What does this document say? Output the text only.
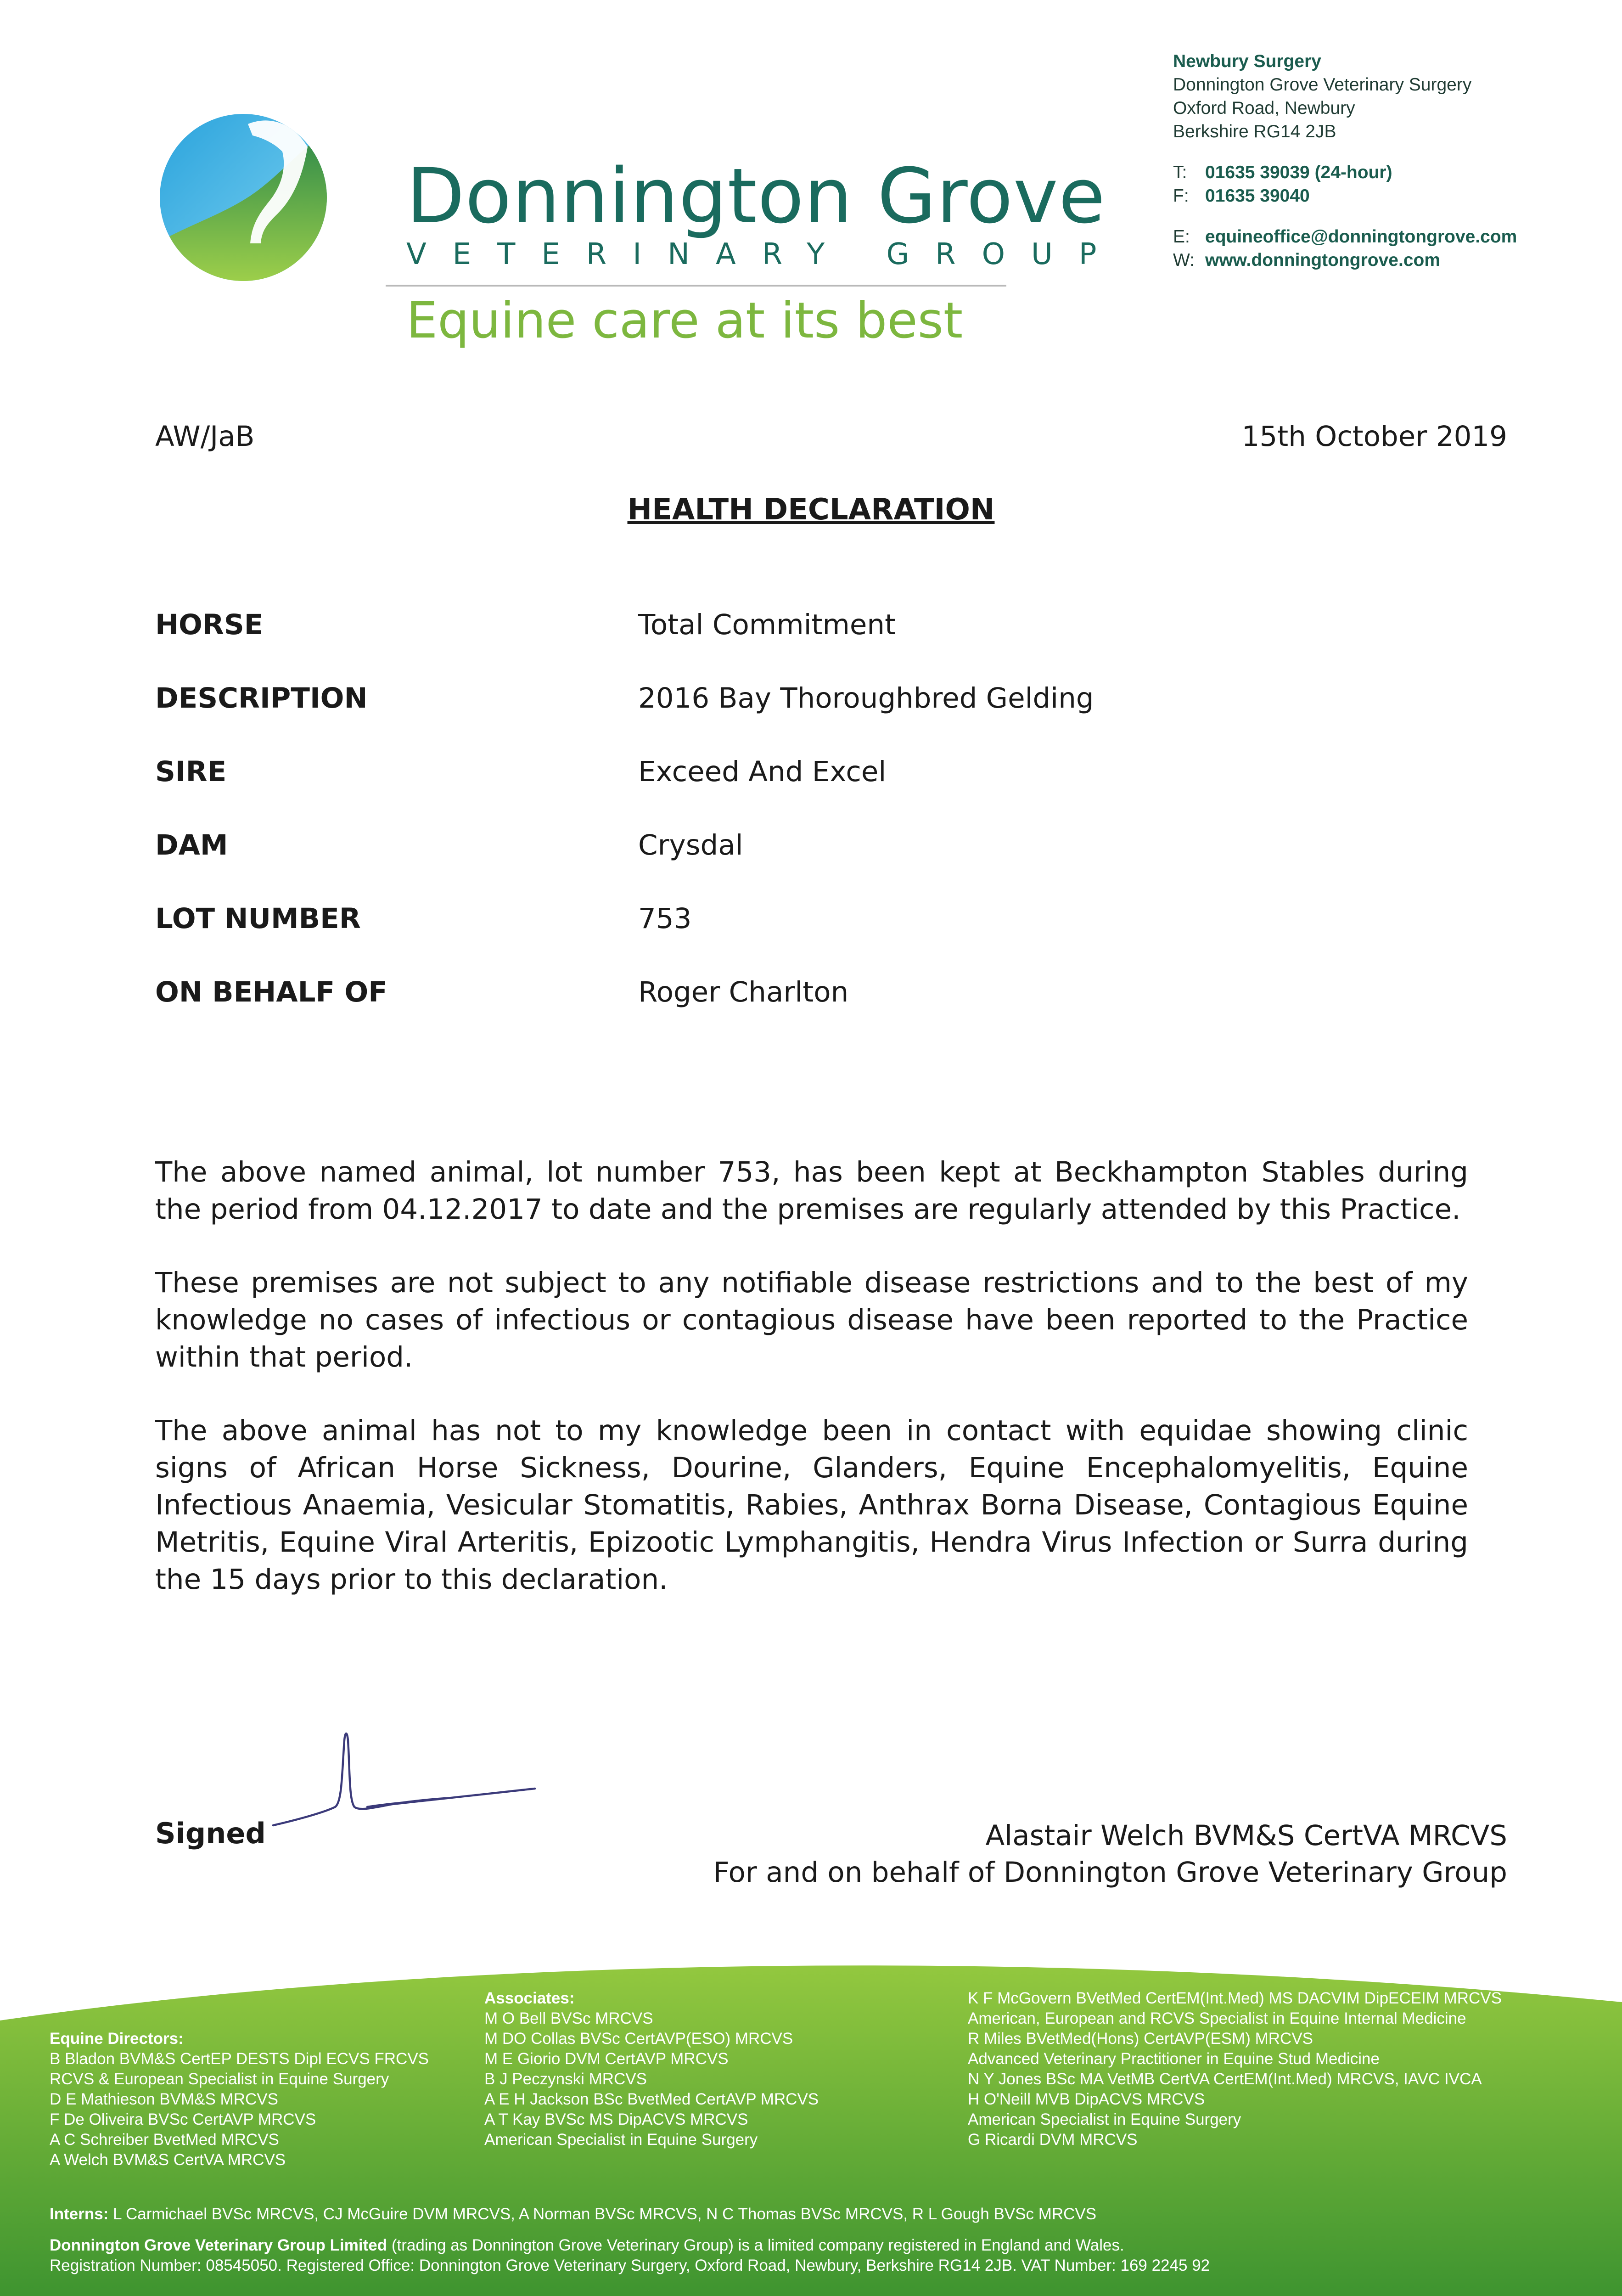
Donnington Grove
VETERINARY GROUP
Equine care at its best
Newbury Surgery
Donnington Grove Veterinary Surgery
Oxford Road, Newbury
Berkshire RG14 2JB
T: 01635 39039 (24-hour)
F: 01635 39040
E: equineoffice@donningtongrove.com
W: www.donningtongrove.com
AW/JaB	15th October 2019
HEALTH DECLARATION
HORSE	Total Commitment
DESCRIPTION	2016 Bay Thoroughbred Gelding
SIRE	Exceed And Excel
DAM	Crysdal
LOT NUMBER	753
ON BEHALF OF	Roger Charlton

The above named animal, lot number 753, has been kept at Beckhampton Stables during the period from 04.12.2017 to date and the premises are regularly attended by this Practice.

These premises are not subject to any notifiable disease restrictions and to the best of my knowledge no cases of infectious or contagious disease have been reported to the Practice within that period.

The above animal has not to my knowledge been in contact with equidae showing clinic signs of African Horse Sickness, Dourine, Glanders, Equine Encephalomyelitis, Equine Infectious Anaemia, Vesicular Stomatitis, Rabies, Anthrax Borna Disease, Contagious Equine Metritis, Equine Viral Arteritis, Epizootic Lymphangitis, Hendra Virus Infection or Surra during the 15 days prior to this declaration.

Signed	Alastair Welch BVM&S CertVA MRCVS
For and on behalf of Donnington Grove Veterinary Group
Equine Directors:
B Bladon BVM&S CertEP DESTS Dipl ECVS FRCVS
RCVS & European Specialist in Equine Surgery
D E Mathieson BVM&S MRCVS
F De Oliveira BVSc CertAVP MRCVS
A C Schreiber BvetMed MRCVS
A Welch BVM&S CertVA MRCVS
Associates:
M O Bell BVSc MRCVS
M DO Collas BVSc CertAVP(ESO) MRCVS
M E Giorio DVM CertAVP MRCVS
B J Peczynski MRCVS
A E H Jackson BSc BvetMed CertAVP MRCVS
A T Kay BVSc MS DipACVS MRCVS
American Specialist in Equine Surgery
K F McGovern BVetMed CertEM(Int.Med) MS DACVIM DipECEIM MRCVS
American, European and RCVS Specialist in Equine Internal Medicine
R Miles BVetMed(Hons) CertAVP(ESM) MRCVS
Advanced Veterinary Practitioner in Equine Stud Medicine
N Y Jones BSc MA VetMB CertVA CertEM(Int.Med) MRCVS, IAVC IVCA
H O'Neill MVB DipACVS MRCVS
American Specialist in Equine Surgery
G Ricardi DVM MRCVS
Interns: L Carmichael BVSc MRCVS, CJ McGuire DVM MRCVS, A Norman BVSc MRCVS, N C Thomas BVSc MRCVS, R L Gough BVSc MRCVS
Donnington Grove Veterinary Group Limited (trading as Donnington Grove Veterinary Group) is a limited company registered in England and Wales.
Registration Number: 08545050. Registered Office: Donnington Grove Veterinary Surgery, Oxford Road, Newbury, Berkshire RG14 2JB. VAT Number: 169 2245 92
